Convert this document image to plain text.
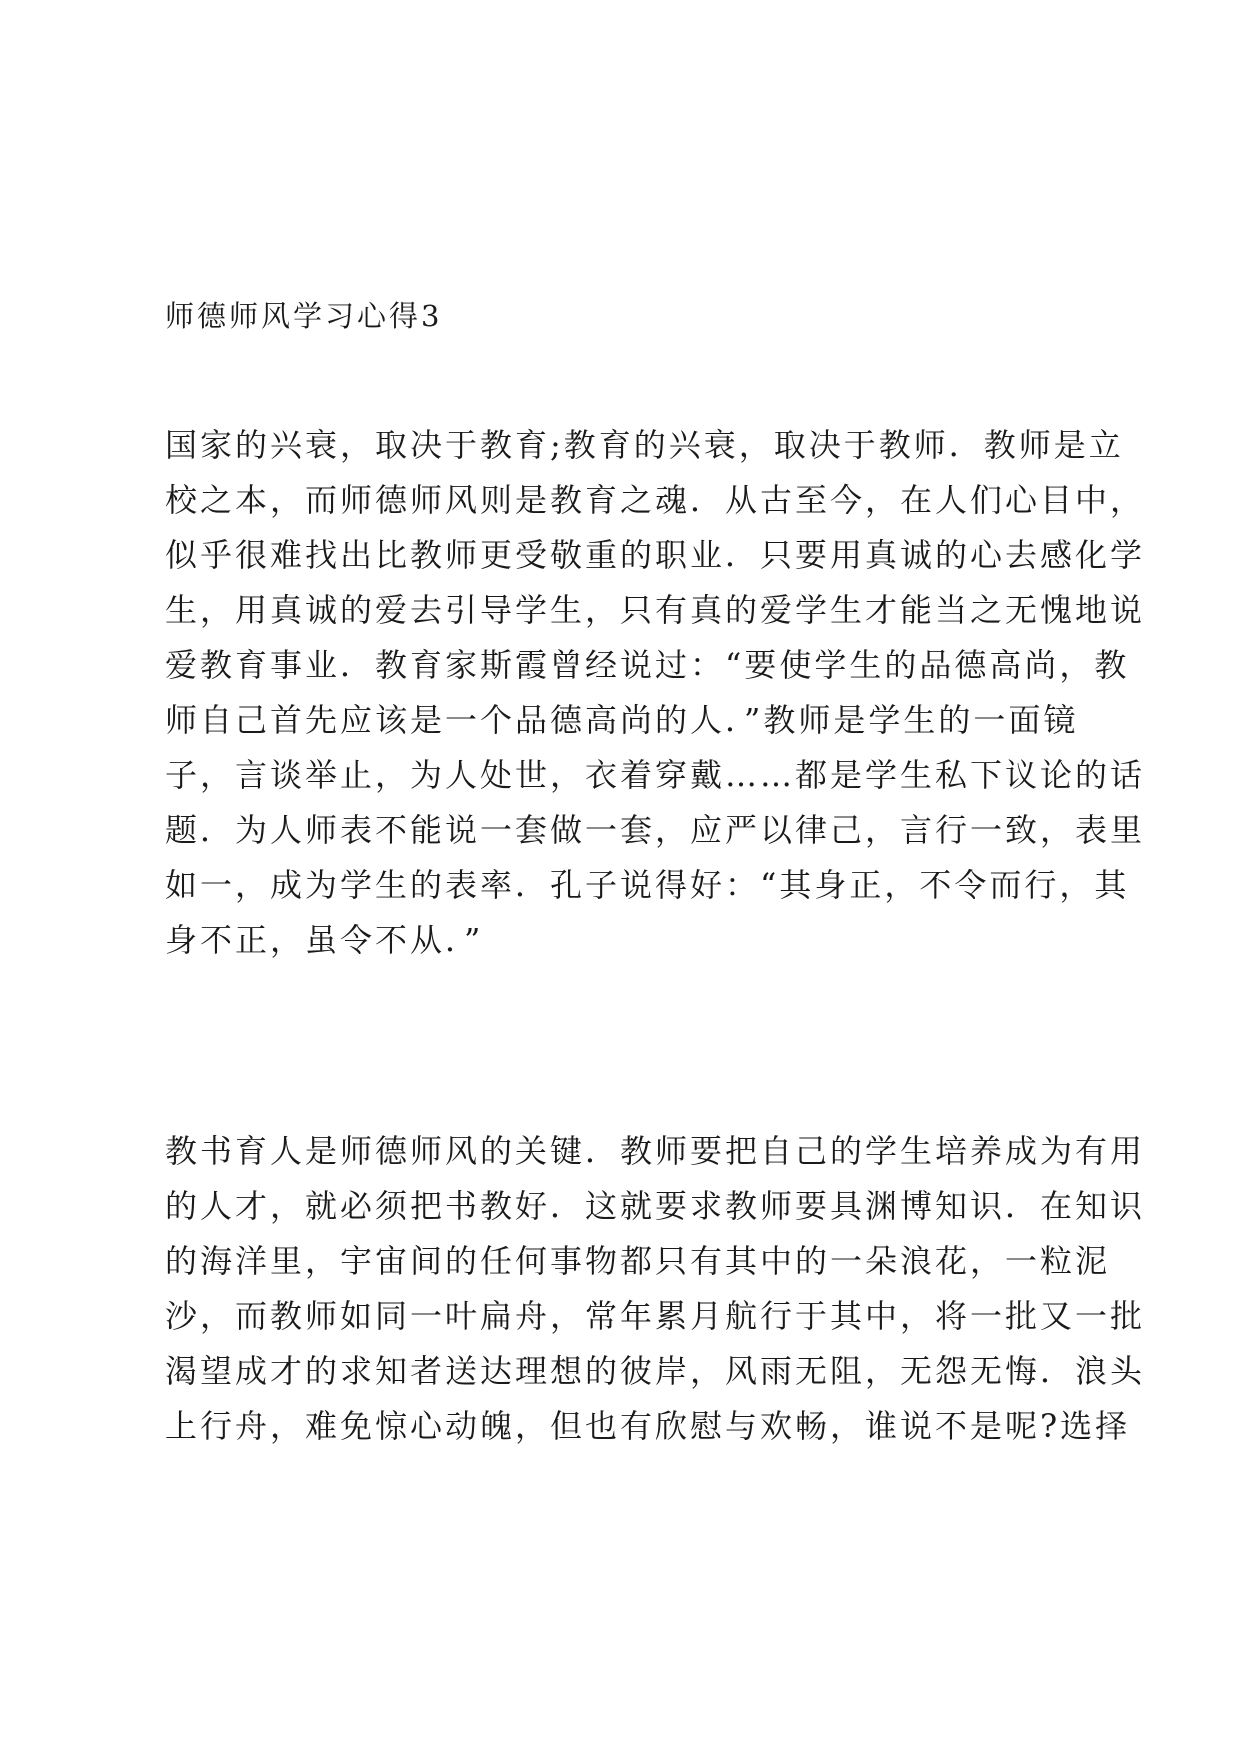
师德师风学习心得3

国家的兴衰，取决于教育;教育的兴衰，取决于教师．教师是立
校之本，而师德师风则是教育之魂．从古至今，在人们心目中，
似乎很难找出比教师更受敬重的职业．只要用真诚的心去感化学
生，用真诚的爱去引导学生，只有真的爱学生才能当之无愧地说
爱教育事业．教育家斯霞曾经说过：“要使学生的品德高尚，教
师自己首先应该是一个品德高尚的人．”教师是学生的一面镜
子，言谈举止，为人处世，衣着穿戴……都是学生私下议论的话
题．为人师表不能说一套做一套，应严以律己，言行一致，表里
如一，成为学生的表率．孔子说得好：“其身正，不令而行，其
身不正，虽令不从．”

教书育人是师德师风的关键．教师要把自己的学生培养成为有用
的人才，就必须把书教好．这就要求教师要具渊博知识．在知识
的海洋里，宇宙间的任何事物都只有其中的一朵浪花，一粒泥
沙，而教师如同一叶扁舟，常年累月航行于其中，将一批又一批
渴望成才的求知者送达理想的彼岸，风雨无阻，无怨无悔．浪头
上行舟，难免惊心动魄，但也有欣慰与欢畅，谁说不是呢?选择
